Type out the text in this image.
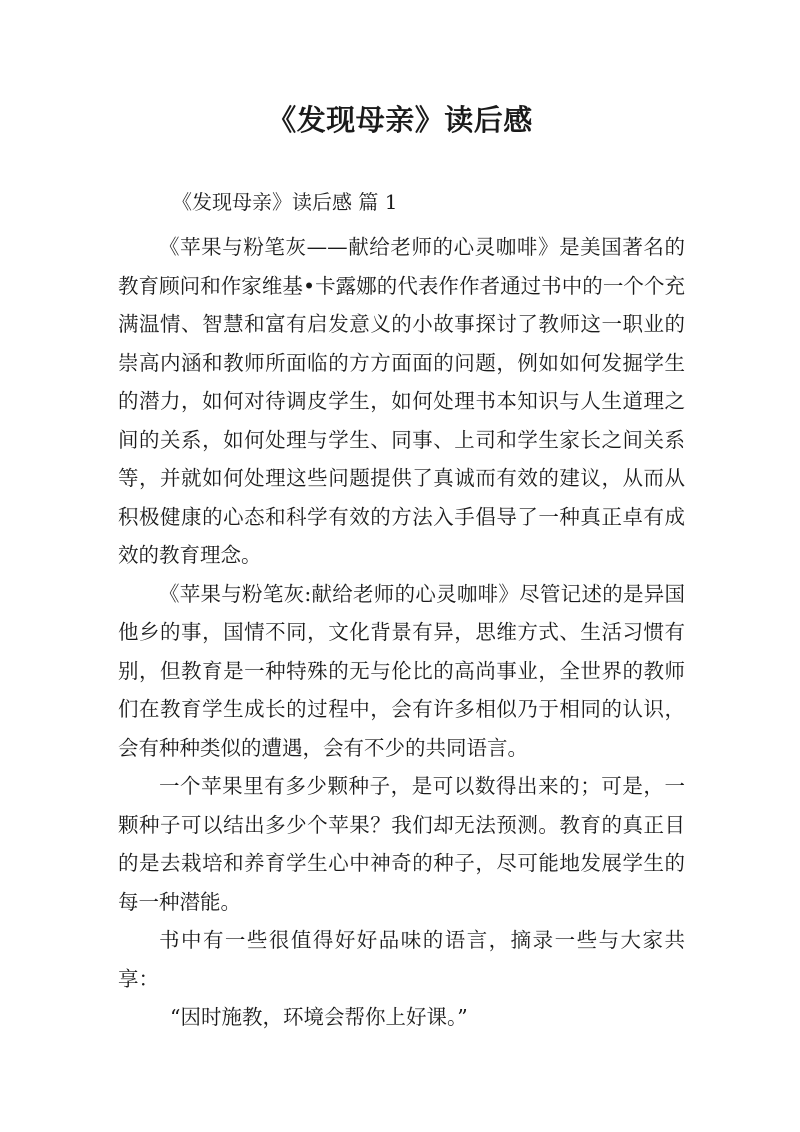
《发现母亲》读后感

《发现母亲》读后感 篇 1

《苹果与粉笔灰——献给老师的心灵咖啡》是美国著名的教育顾问和作家维基•卡露娜的代表作作者通过书中的一个个充满温情、智慧和富有启发意义的小故事探讨了教师这一职业的崇高内涵和教师所面临的方方面面的问题，例如如何发掘学生的潜力，如何对待调皮学生，如何处理书本知识与人生道理之间的关系，如何处理与学生、同事、上司和学生家长之间关系等，并就如何处理这些问题提供了真诚而有效的建议，从而从积极健康的心态和科学有效的方法入手倡导了一种真正卓有成效的教育理念。

《苹果与粉笔灰:献给老师的心灵咖啡》尽管记述的是异国他乡的事，国情不同，文化背景有异，思维方式、生活习惯有别，但教育是一种特殊的无与伦比的高尚事业，全世界的教师们在教育学生成长的过程中，会有许多相似乃于相同的认识，会有种种类似的遭遇，会有不少的共同语言。

一个苹果里有多少颗种子，是可以数得出来的；可是，一颗种子可以结出多少个苹果？我们却无法预测。教育的真正目的是去栽培和养育学生心中神奇的种子，尽可能地发展学生的每一种潜能。

书中有一些很值得好好品味的语言，摘录一些与大家共享：

“因时施教，环境会帮你上好课。”
